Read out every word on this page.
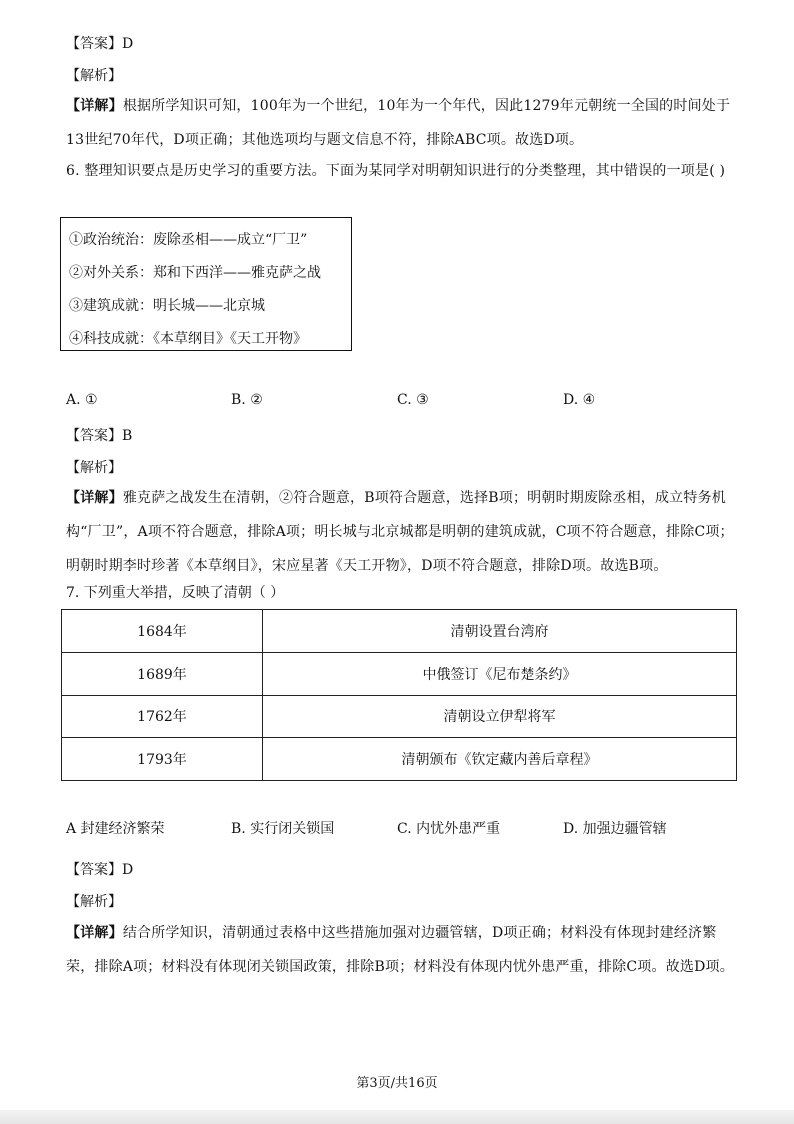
【答案】D
【解析】
【详解】根据所学知识可知，100年为一个世纪，10年为一个年代，因此1279年元朝统一全国的时间处于13世纪70年代，D项正确；其他选项均与题文信息不符，排除ABC项。故选D项。
6. 整理知识要点是历史学习的重要方法。下面为某同学对明朝知识进行的分类整理，其中错误的一项是( )
①政治统治：废除丞相——成立“厂卫”
②对外关系：郑和下西洋——雅克萨之战
③建筑成就：明长城——北京城
④科技成就：《本草纲目》《天工开物》
A. ①	B. ②	C. ③	D. ④
【答案】B
【解析】
【详解】雅克萨之战发生在清朝，②符合题意，B项符合题意，选择B项；明朝时期废除丞相，成立特务机构“厂卫”，A项不符合题意，排除A项；明长城与北京城都是明朝的建筑成就，C项不符合题意，排除C项；明朝时期李时珍著《本草纲目》，宋应星著《天工开物》，D项不符合题意，排除D项。故选B项。
7. 下列重大举措，反映了清朝（ ）
1684年	清朝设置台湾府
1689年	中俄签订《尼布楚条约》
1762年	清朝设立伊犁将军
1793年	清朝颁布《钦定藏内善后章程》
A 封建经济繁荣	B. 实行闭关锁国	C. 内忧外患严重	D. 加强边疆管辖
【答案】D
【解析】
【详解】结合所学知识，清朝通过表格中这些措施加强对边疆管辖，D项正确；材料没有体现封建经济繁荣，排除A项；材料没有体现闭关锁国政策，排除B项；材料没有体现内忧外患严重，排除C项。故选D项。
第3页/共16页
